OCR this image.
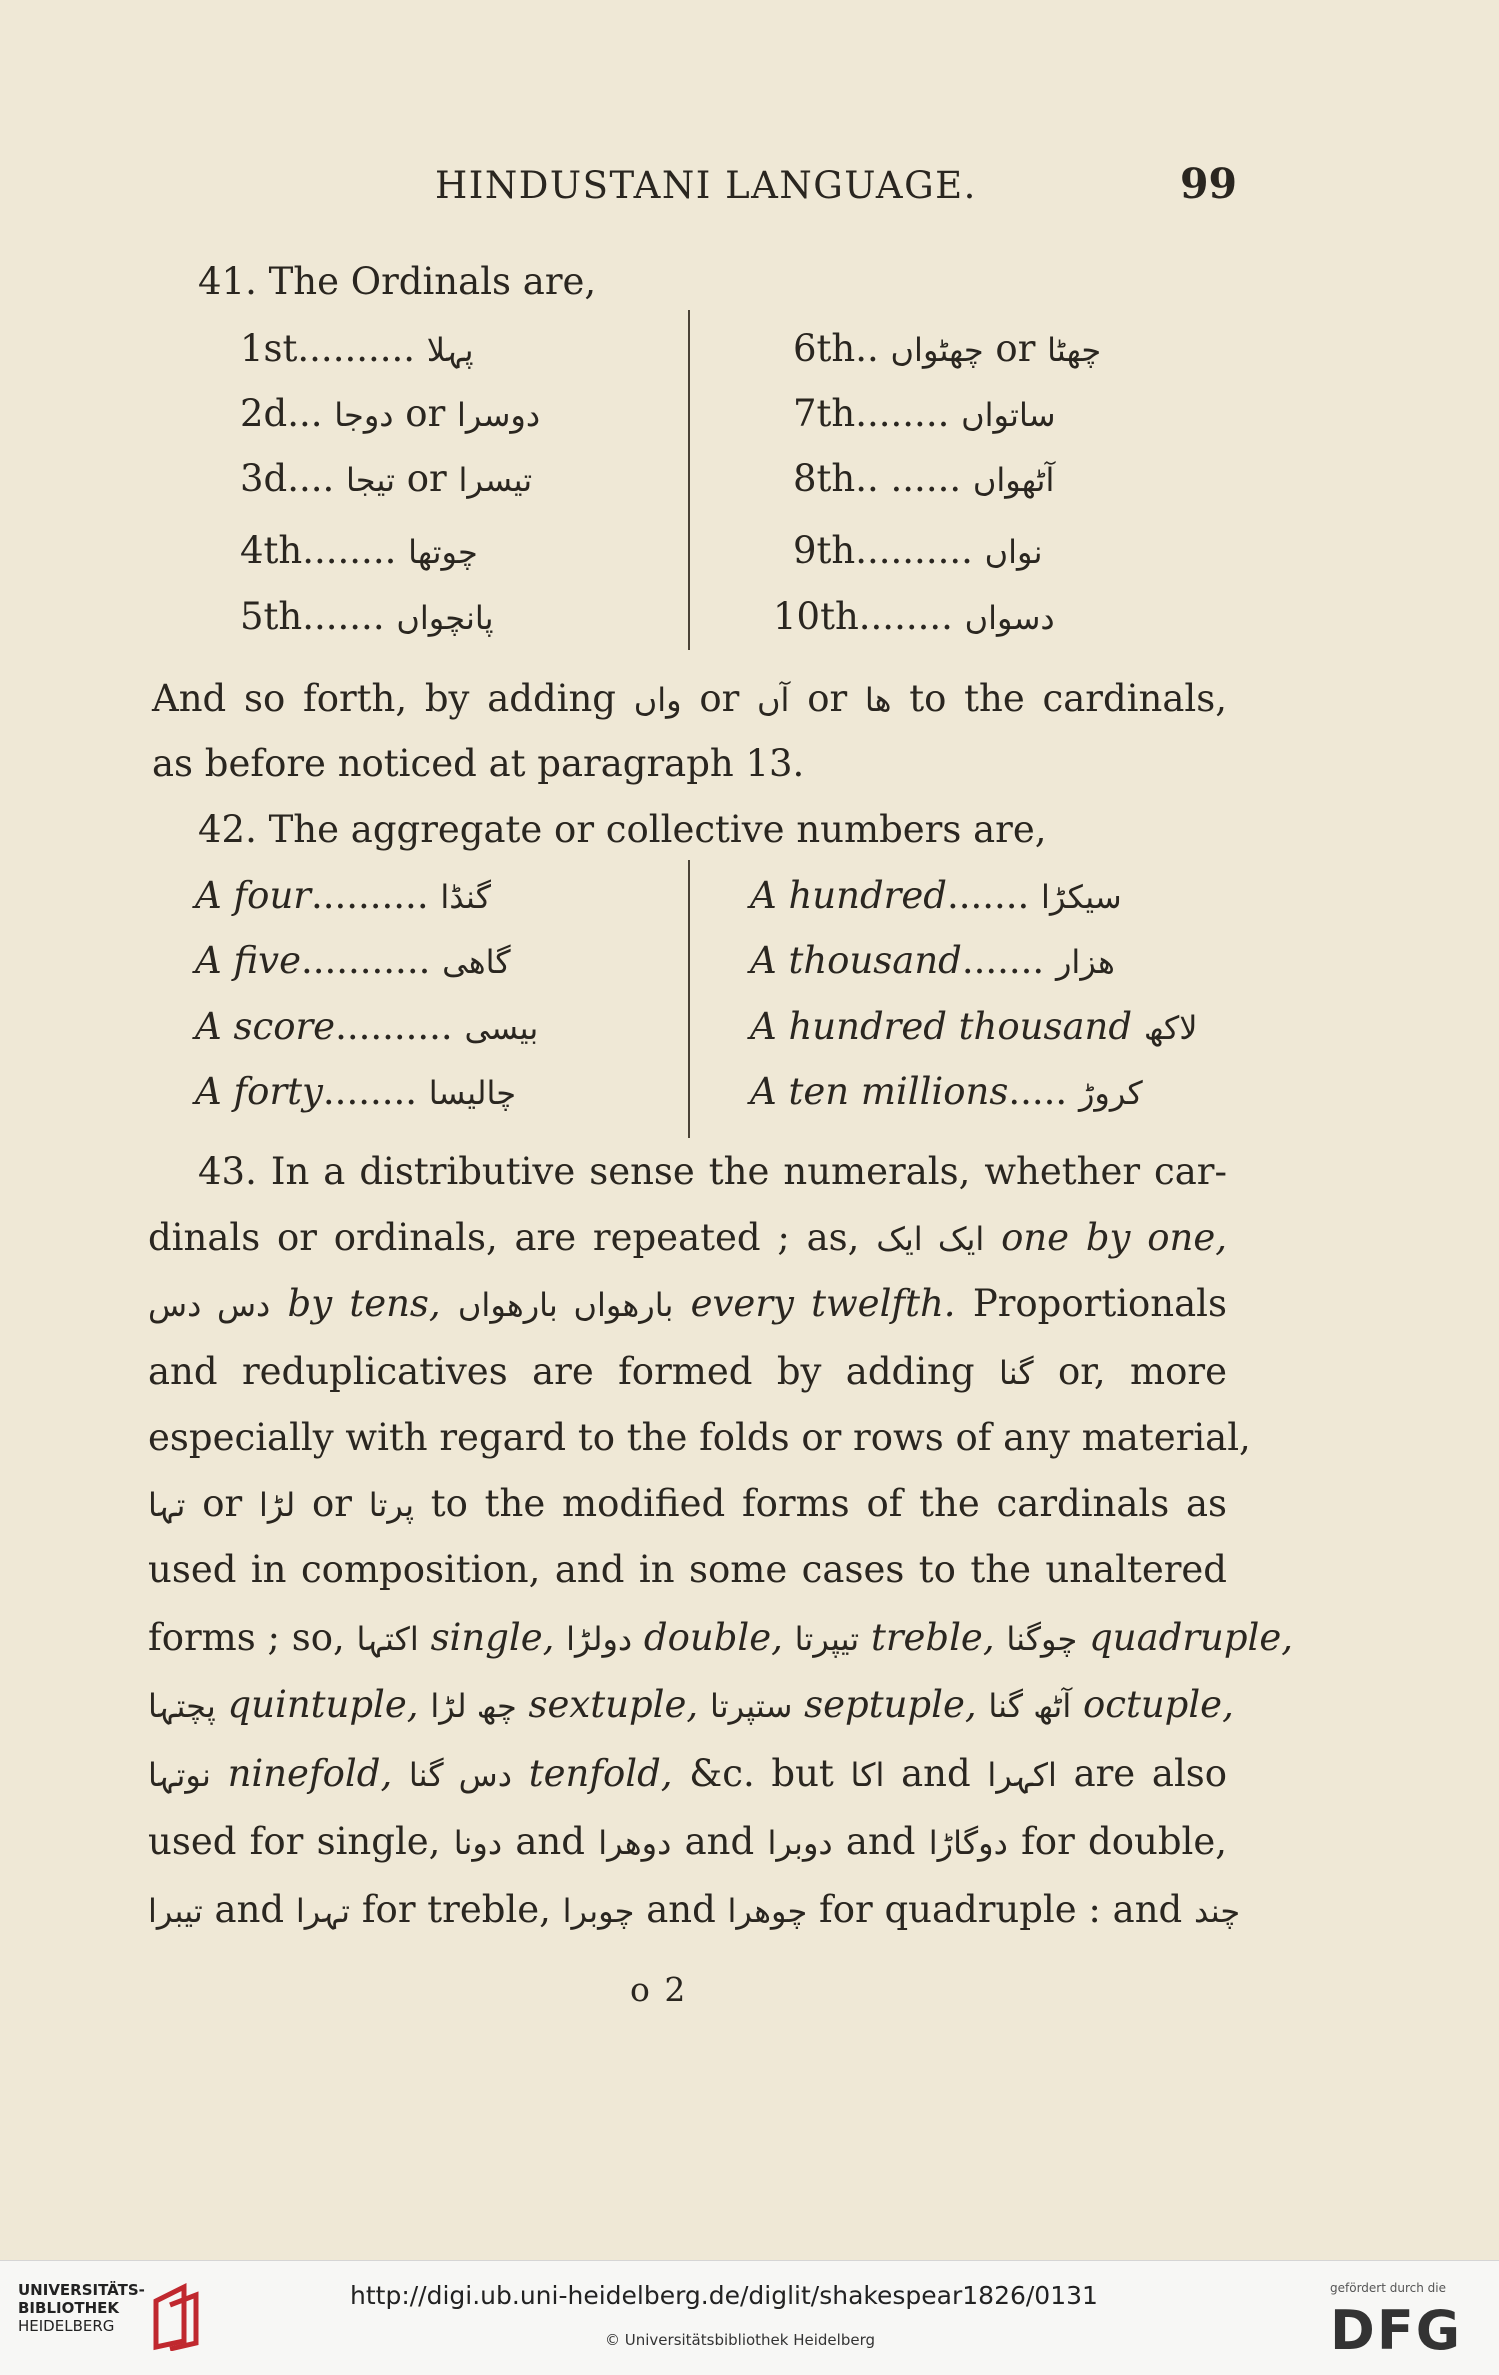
HINDUSTANI LANGUAGE.	99
41. The Ordinals are,
1st.......... پہلا
2d... دوجا or دوسرا
3d.... تیجا or تیسرا
4th........ چوتھا
5th....... پانچواں
6th.. چھٹواں or چھٹا
7th........ ساتواں
8th.. ...... آٹھواں
9th.......... نواں
10th........ دسواں
And so forth, by adding واں or آں or ھا to the cardinals,
as before noticed at paragraph 13.
42. The aggregate or collective numbers are,
A four.......... گنڈا
A five........... گاھی
A score.......... بیسی
A forty........ چالیسا
A hundred....... سیکڑا
A thousand....... ھزار
A hundred thousand لاکھ
A ten millions..... کروڑ
43. In a distributive sense the numerals, whether car-
dinals or ordinals, are repeated ; as, ایک ایک one by one,
دس دس by tens, بارھواں بارھواں every twelfth. Proportionals
and reduplicatives are formed by adding گنا or, more
especially with regard to the folds or rows of any material,
تہا or لڑا or پرتا to the modified forms of the cardinals as
used in composition, and in some cases to the unaltered
forms ; so, اکتہا single, دولڑا double, تیپرتا treble, چوگنا quadruple,
پچتہا quintuple, چھ لڑا sextuple, ستپرتا septuple, آٹھ گنا octuple,
نوتہا ninefold, دس گنا tenfold, &c. but اکا and اکہرا are also
used for single, دونا and دوھرا and دوبرا and دوگاڑا for double,
تیبرا and تہرا for treble, چوبرا and چوھرا for quadruple : and چند
o 2
UNIVERSITÄTS-
BIBLIOTHEK
HEIDELBERG
http://digi.ub.uni-heidelberg.de/diglit/shakespear1826/0131
© Universitätsbibliothek Heidelberg
gefördert durch die
DFG
